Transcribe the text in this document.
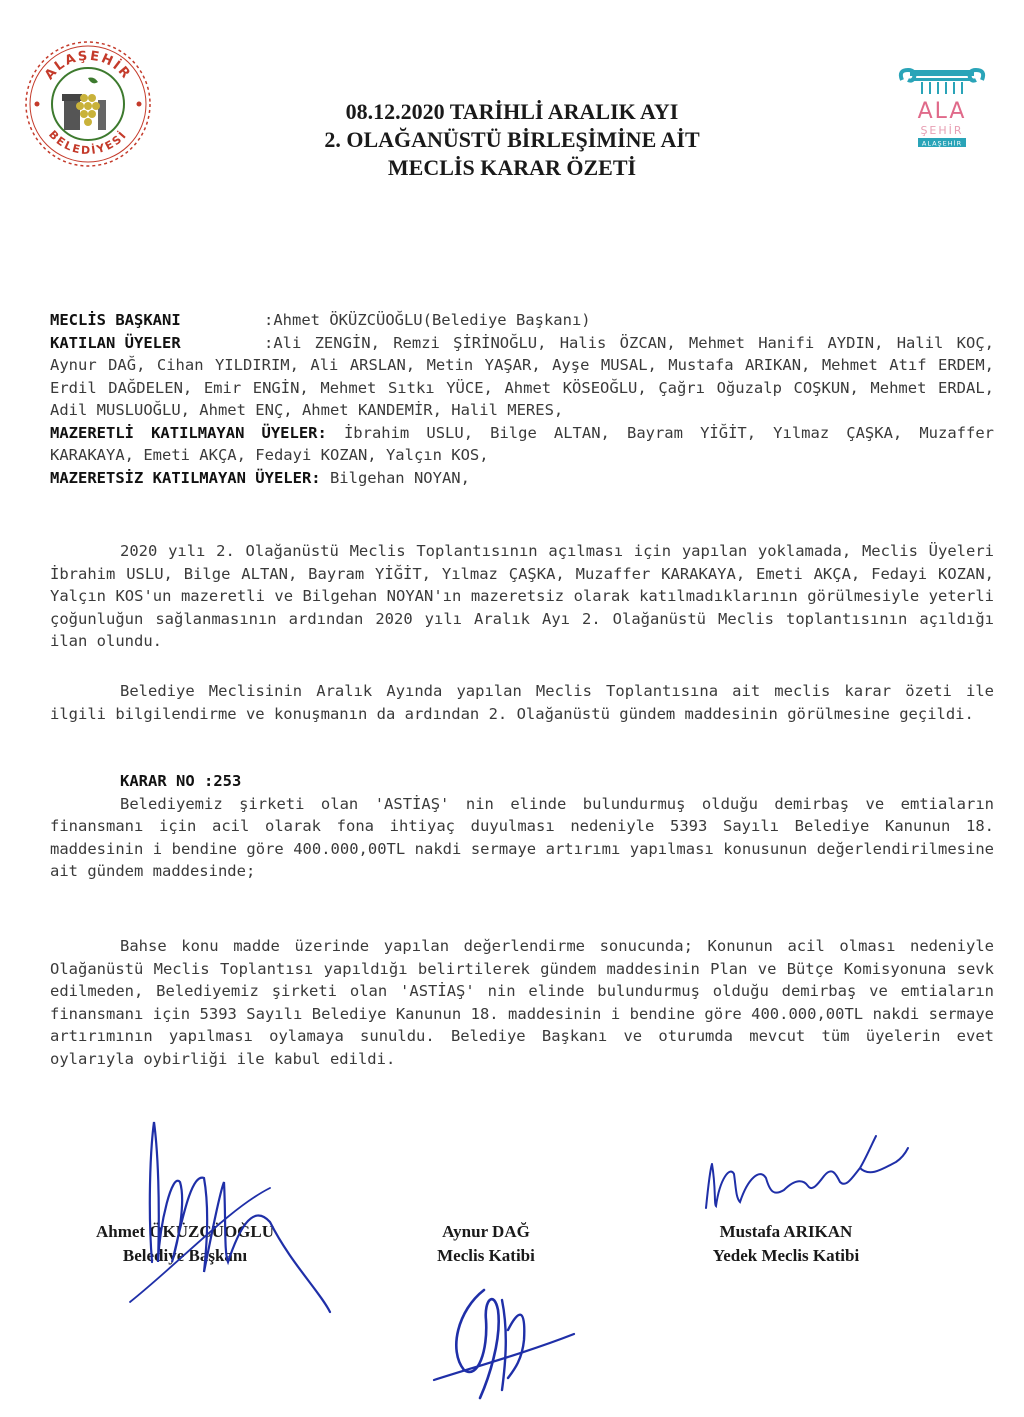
ALAŞEHİR
BELEDİYESİ
ALA
ŞEHİR
ALAŞEHİR
08.12.2020 TARİHLİ ARALIK AYI
2. OLAĞANÜSTÜ BİRLEŞİMİNE AİT
MECLİS KARAR ÖZETİ
MECLİS BAŞKANI	:Ahmet ÖKÜZCÜOĞLU(Belediye Başkanı)
KATILAN ÜYELER	:Ali ZENGİN, Remzi ŞİRİNOĞLU, Halis ÖZCAN, Mehmet Hanifi AYDIN, Halil KOÇ, Aynur DAĞ, Cihan YILDIRIM, Ali ARSLAN, Metin YAŞAR, Ayşe MUSAL, Mustafa ARIKAN, Mehmet Atıf ERDEM, Erdil DAĞDELEN, Emir ENGİN, Mehmet Sıtkı YÜCE, Ahmet KÖSEOĞLU, Çağrı Oğuzalp COŞKUN, Mehmet ERDAL, Adil MUSLUOĞLU, Ahmet ENÇ, Ahmet KANDEMİR, Halil MERES,
MAZERETLİ KATILMAYAN ÜYELER: İbrahim USLU, Bilge ALTAN, Bayram YİĞİT, Yılmaz ÇAŞKA, Muzaffer KARAKAYA, Emeti AKÇA, Fedayi KOZAN, Yalçın KOS,
MAZERETSİZ KATILMAYAN ÜYELER: Bilgehan NOYAN,
2020 yılı 2. Olağanüstü Meclis Toplantısının açılması için yapılan yoklamada, Meclis Üyeleri İbrahim USLU, Bilge ALTAN, Bayram YİĞİT, Yılmaz ÇAŞKA, Muzaffer KARAKAYA, Emeti AKÇA, Fedayi KOZAN, Yalçın KOS'un mazeretli ve Bilgehan NOYAN'ın mazeretsiz olarak katılmadıklarının görülmesiyle yeterli çoğunluğun sağlanmasının ardından 2020 yılı Aralık Ayı 2. Olağanüstü Meclis toplantısının açıldığı ilan olundu.
Belediye Meclisinin Aralık Ayında yapılan Meclis Toplantısına ait meclis karar özeti ile ilgili bilgilendirme ve konuşmanın da ardından 2. Olağanüstü gündem maddesinin görülmesine geçildi.
KARAR NO :253
Belediyemiz şirketi olan 'ASTİAŞ' nin elinde bulundurmuş olduğu demirbaş ve emtiaların finansmanı için acil olarak fona ihtiyaç duyulması nedeniyle 5393 Sayılı Belediye Kanunun 18. maddesinin i bendine göre 400.000,00TL nakdi sermaye artırımı yapılması konusunun değerlendirilmesine ait gündem maddesinde;
Bahse konu madde üzerinde yapılan değerlendirme sonucunda; Konunun acil olması nedeniyle Olağanüstü Meclis Toplantısı yapıldığı belirtilerek gündem maddesinin Plan ve Bütçe Komisyonuna sevk edilmeden, Belediyemiz şirketi olan 'ASTİAŞ' nin elinde bulundurmuş olduğu demirbaş ve emtiaların finansmanı için 5393 Sayılı Belediye Kanunun 18. maddesinin i bendine göre 400.000,00TL nakdi sermaye artırımının yapılması oylamaya sunuldu. Belediye Başkanı ve oturumda mevcut tüm üyelerin evet oylarıyla oybirliği ile kabul edildi.
Ahmet ÖKÜZCÜOĞLU
Belediye Başkanı
Aynur DAĞ
Meclis Katibi
Mustafa ARIKAN
Yedek Meclis Katibi
